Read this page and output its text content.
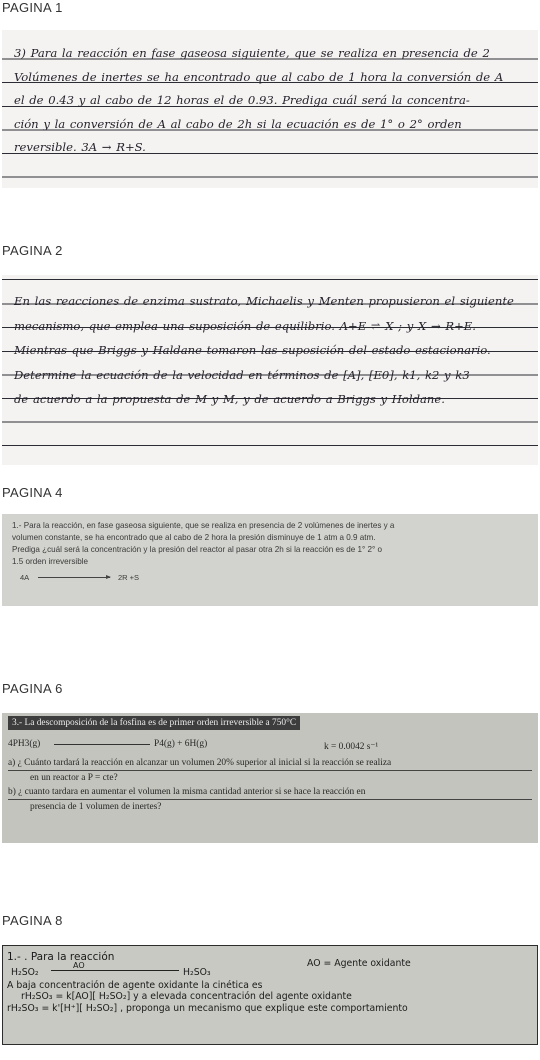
PAGINA 1

3) Para la reacción en fase gaseosa siguiente, que se realiza en presencia de 2

Volúmenes de inertes se ha encontrado que al cabo de 1 hora la conversión de A

el de 0.43 y al cabo de 12 horas el de 0.93. Prediga cuál será la concentra-

ción y la conversión de A al cabo de 2h si la ecuación es de 1° o 2° orden

reversible. 3A → R+S.

PAGINA 2

En las reacciones de enzima sustrato, Michaelis y Menten propusieron el siguiente

mecanismo, que emplea una suposición de equilibrio. A+E ⇌ X ; y X → R+E.

Mientras que Briggs y Haldane tomaron las suposición del estado estacionario.

Determine la ecuación de la velocidad en términos de [A], [E0], k1, k2 y k3

de acuerdo a la propuesta de M y M, y de acuerdo a Briggs y Holdane.

PAGINA 4

1.- Para la reacción, en fase gaseosa siguiente, que se realiza en presencia de 2 volúmenes de inertes y a

volumen constante, se ha encontrado que al cabo de 2 hora la presión disminuye de 1 atm a 0.9 atm.

Prediga ¿cuál será la concentración y la presión del reactor al pasar otra 2h si la reacción es de 1° 2° o

1.5 orden irreversible

4A	2R +S
PAGINA 6

3.- La descomposición de la fosfina es de primer orden irreversible a 750°C

4PH3(g)	P4(g) + 6H(g)	k = 0.0042 s⁻¹

a) ¿ Cuánto tardará la reacción en alcanzar un volumen 20% superior al inicial si la reacción se realiza

en un reactor a P = cte?

b) ¿ cuanto tardara en aumentar el volumen la misma cantidad anterior si se hace la reacción en

presencia de 1 volumen de inertes?

PAGINA 8

1.- . Para la reacción

H₂SO₂
AO
H₂SO₃
AO = Agente oxidante

A baja concentración de agente oxidante la cinética es

rH₂SO₃ = k[AO][ H₂SO₂] y a elevada concentración del agente oxidante

rH₂SO₃ = k'[H⁺][ H₂SO₂] , proponga un mecanismo que explique este comportamiento
